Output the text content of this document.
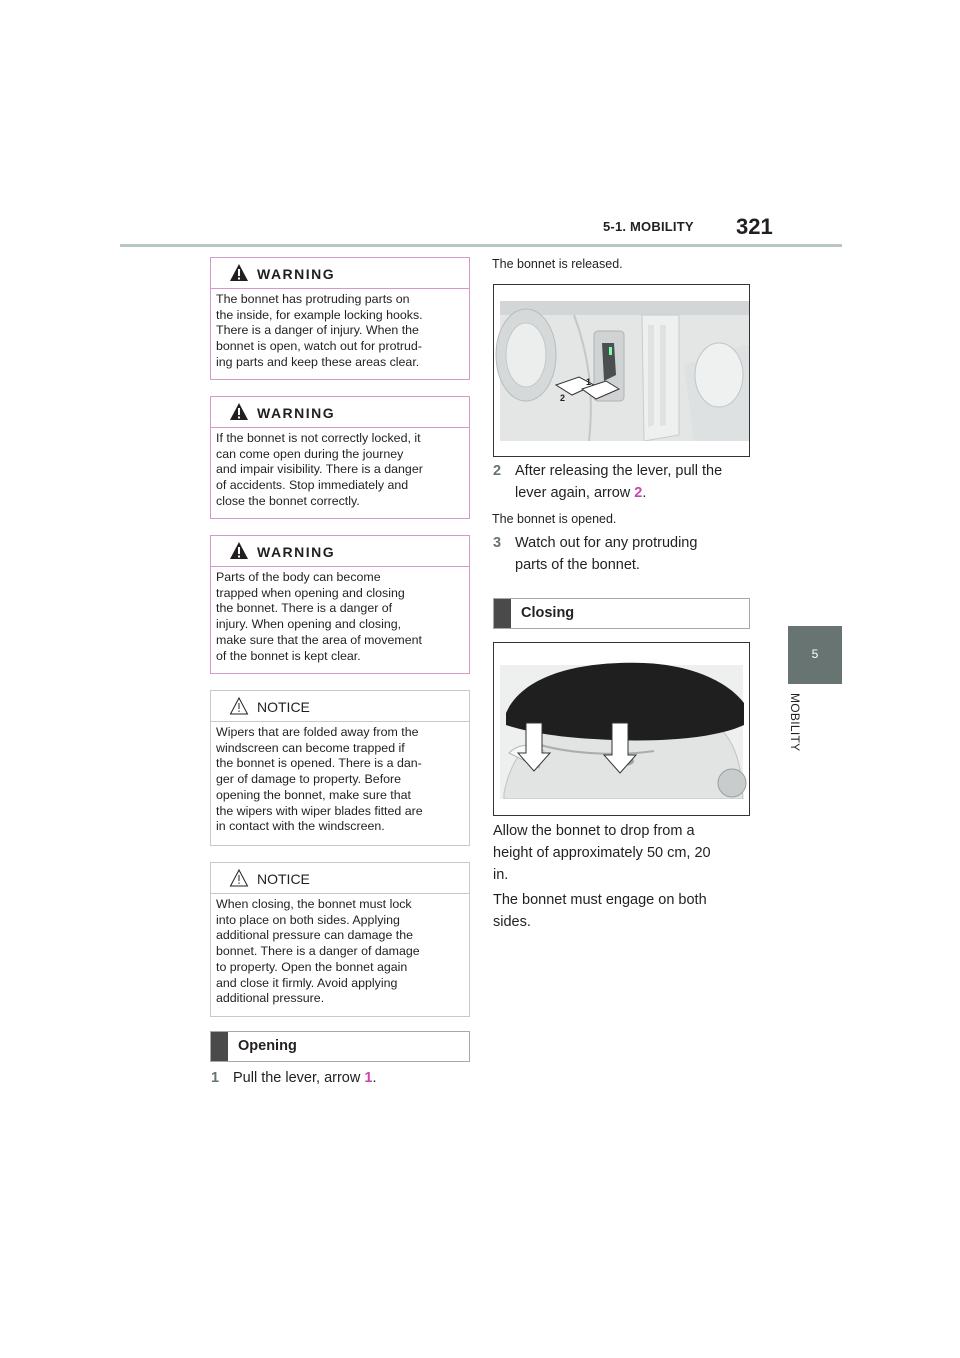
5-1. MOBILITY 321
5
MOBILITY
WARNING
The bonnet has protruding parts on
the inside, for example locking hooks.
There is a danger of injury. When the
bonnet is open, watch out for protrud-
ing parts and keep these areas clear.
WARNING
If the bonnet is not correctly locked, it
can come open during the journey
and impair visibility. There is a danger
of accidents. Stop immediately and
close the bonnet correctly.
WARNING
Parts of the body can become
trapped when opening and closing
the bonnet. There is a danger of
injury. When opening and closing,
make sure that the area of movement
of the bonnet is kept clear.
NOTICE
Wipers that are folded away from the
windscreen can become trapped if
the bonnet is opened. There is a dan-
ger of damage to property. Before
opening the bonnet, make sure that
the wipers with wiper blades fitted are
in contact with the windscreen.
NOTICE
When closing, the bonnet must lock
into place on both sides. Applying
additional pressure can damage the
bonnet. There is a danger of damage
to property. Open the bonnet again
and close it firmly. Avoid applying
additional pressure.
Opening
1 Pull the lever, arrow 1.
The bonnet is released.
1
2
2 After releasing the lever, pull the
lever again, arrow 2.
The bonnet is opened.
3 Watch out for any protruding
parts of the bonnet.
Closing
Allow the bonnet to drop from a
height of approximately 50 cm, 20
in.
The bonnet must engage on both
sides.
